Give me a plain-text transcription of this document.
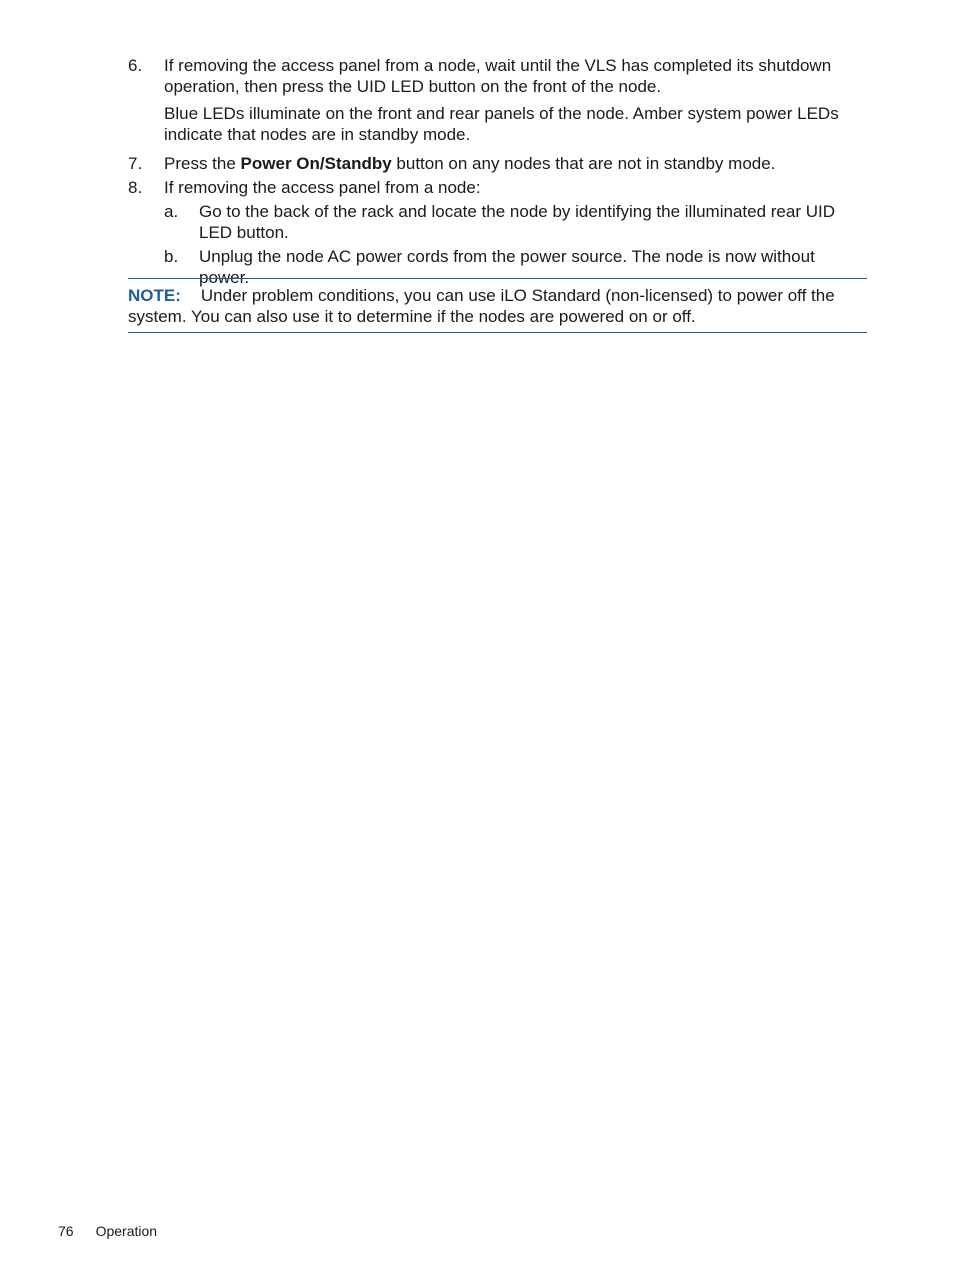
6.	If removing the access panel from a node, wait until the VLS has completed its shutdown operation, then press the UID LED button on the front of the node.
Blue LEDs illuminate on the front and rear panels of the node. Amber system power LEDs indicate that nodes are in standby mode.
7.	Press the Power On/Standby button on any nodes that are not in standby mode.
8.	If removing the access panel from a node:
a.	Go to the back of the rack and locate the node by identifying the illuminated rear UID LED button.
b.	Unplug the node AC power cords from the power source. The node is now without power.
NOTE: Under problem conditions, you can use iLO Standard (non-licensed) to power off the system. You can also use it to determine if the nodes are powered on or off.
76 Operation
